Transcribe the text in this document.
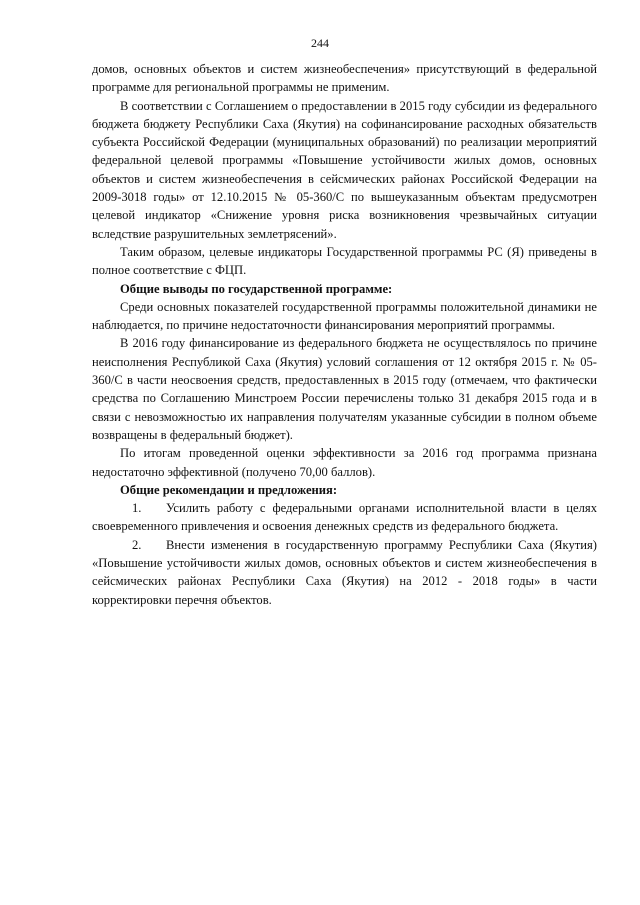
244

домов, основных объектов и систем жизнеобеспечения» присутствующий в федеральной программе для региональной программы не применим.

В соответствии с Соглашением о предоставлении в 2015 году субсидии из федерального бюджета бюджету Республики Саха (Якутия) на софинансирование расходных обязательств субъекта Российской Федерации (муниципальных образований) по реализации мероприятий федеральной целевой программы «Повышение устойчивости жилых домов, основных объектов и систем жизнеобеспечения в сейсмических районах Российской Федерации на 2009-3018 годы» от 12.10.2015 № 05-360/С по вышеуказанным объектам предусмотрен целевой индикатор «Снижение уровня риска возникновения чрезвычайных ситуации вследствие разрушительных землетрясений».

Таким образом, целевые индикаторы Государственной программы РС (Я) приведены в полное соответствие с ФЦП.

Общие выводы по государственной программе:

Среди основных показателей государственной программы положительной динамики не наблюдается, по причине недостаточности финансирования мероприятий программы.

В 2016 году финансирование из федерального бюджета не осуществлялось по причине неисполнения Республикой Саха (Якутия) условий соглашения от 12 октября 2015 г. № 05-360/С в части неосвоения средств, предоставленных в 2015 году (отмечаем, что фактически средства по Соглашению Минстроем России перечислены только 31 декабря 2015 года и в связи с невозможностью их направления получателям указанные субсидии в полном объеме возвращены в федеральный бюджет).

По итогам проведенной оценки эффективности за 2016 год программа признана недостаточно эффективной (получено 70,00 баллов).

Общие рекомендации и предложения:

1. Усилить работу с федеральными органами исполнительной власти в целях своевременного привлечения и освоения денежных средств из федерального бюджета.

2. Внести изменения в государственную программу Республики Саха (Якутия) «Повышение устойчивости жилых домов, основных объектов и систем жизнеобеспечения в сейсмических районах Республики Саха (Якутия) на 2012 - 2018 годы» в части корректировки перечня объектов.
